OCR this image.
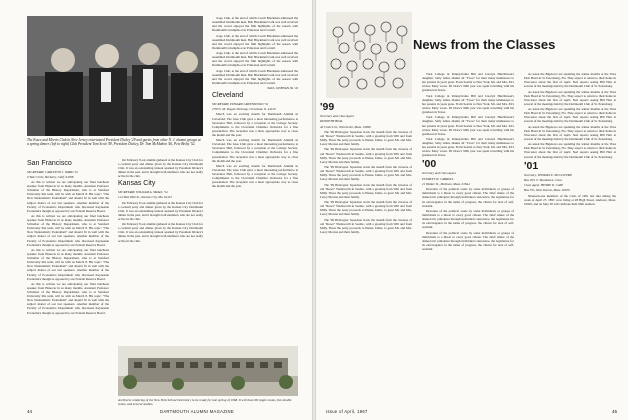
The Essex and Morris Club in New Jersey entertained President Dickey '29 and guests from other N. J. alumni groups at a spring dinner. (left to right) Club President Tom Scott '49, President Dickey, Dr. Tom McMahon '46, Pete Bishy '52.
San Francisco

SECRETARY, CARLETON J. WARD '52

9 Yale Circle, Berkeley, Calif. 94708

As this is written we are anticipating our final luncheon speaker from Hanover in as many months. Assistant Professor Schreiber of the History Department, who is at Stanford University this term, will be with us March 8. His topic: "The New Nationalism: Federalism" and should fit in well with the subject matter of our last speakers. Another member of the Faculty of Economics Department who discussed Keynesian Economics though as opposed by our Federal Reserve Board.

As this is written we are anticipating our final luncheon speaker from Hanover in as many months. Assistant Professor Schreiber of the History Department, who is at Stanford University this term, will be with us March 8. His topic: "The New Nationalism: Federalism" and should fit in well with the subject matter of our last speakers. Another member of the Faculty of Economics Department who discussed Keynesian Economics though as opposed by our Federal Reserve Board.

As this is written we are anticipating our final luncheon speaker from Hanover in as many months. Assistant Professor Schreiber of the History Department, who is at Stanford University this term, will be with us March 8. His topic: "The New Nationalism: Federalism" and should fit in well with the subject matter of our last speakers. Another member of the Faculty of Economics Department who discussed Keynesian Economics though as opposed by our Federal Reserve Board.

As this is written we are anticipating our final luncheon speaker from Hanover in as many months. Assistant Professor Schreiber of the History Department, who is at Stanford University this term, will be with us March 8. His topic: "The New Nationalism: Federalism" and should fit in well with the subject matter of our last speakers. Another member of the Faculty of Economics Department who discussed Keynesian Economics though as opposed by our Federal Reserve Board.

On February 8 our alumni gathered at the Kansas City Club for a cocktail party and dinner given by the Kansas City Dartmouth Club. It was an outstanding turnout sparked by President Dickey's dinner in the past, and it brought both members who are not really active in the club.

Kansas City

SECRETARY, WILLIAM A. SMALL '54

114 West 69th St., Kansas City, Mo. 64113

On February 8 our alumni gathered at the Kansas City Club for a cocktail party and dinner given by the Kansas City Dartmouth Club. It was an outstanding turnout sparked by President Dickey's dinner in the past, and it brought both members who are not really active in the club.

On February 8 our alumni gathered at the Kansas City Club for a cocktail party and dinner given by the Kansas City Dartmouth Club. It was an outstanding turnout sparked by President Dickey's dinner in the past, and it brought both members who are not really active in the club.

ciago Club, at the end of which Coach Blackman addressed the assembled Dartmouth men. Bob Blackman's talk was well received and the crowd enjoyed the film highlights of the season with Dartmouth's triumphs over Princeton and Cornell.

ciago Club, at the end of which Coach Blackman addressed the assembled Dartmouth men. Bob Blackman's talk was well received and the crowd enjoyed the film highlights of the season with Dartmouth's triumphs over Princeton and Cornell.

ciago Club, at the end of which Coach Blackman addressed the assembled Dartmouth men. Bob Blackman's talk was well received and the crowd enjoyed the film highlights of the season with Dartmouth's triumphs over Princeton and Cornell.

ciago Club, at the end of which Coach Blackman addressed the assembled Dartmouth men. Bob Blackman's talk was well received and the crowd enjoyed the film highlights of the season with Dartmouth's triumphs over Princeton and Cornell.

PAUL LINEHAN JR. '43

Cleveland

SECRETARY, EDWARD GREENWOOD '52

2700 S. M. Teague Parkway, Cleveland, O. 44120

March was an exciting month for Dartmouth Alumni in Cleveland. The Glee Club gave a most interesting performance at Severance Hall, followed by a reception at the College Society. Compliments to the Cleveland Chamber Orchestra for a fine presentation. The reception was a most appropriate way to close the month and the year.

March was an exciting month for Dartmouth Alumni in Cleveland. The Glee Club gave a most interesting performance at Severance Hall, followed by a reception at the College Society. Compliments to the Cleveland Chamber Orchestra for a fine presentation. The reception was a most appropriate way to close the month and the year.

March was an exciting month for Dartmouth Alumni in Cleveland. The Glee Club gave a most interesting performance at Severance Hall, followed by a reception at the College Society. Compliments to the Cleveland Chamber Orchestra for a fine presentation. The reception was a most appropriate way to close the month and the year.

Architects rendering of the New York School Dormitory to be ready for late spring of 1968. It will have 68 single rooms, five double suites, and several studies.
44	DARTMOUTH ALUMNI MAGAZINE
News from the Classes
'99

Secretary and Class Agent

KENNETH BEAL

40 Church St., Winchester, Mass. 01890

The '99 Helicopter Squadron starts the month from the traverse of old "Roser" Wadsworth in Seattle, with a greeting from Will and from Milly. There the party proceeds to Hansa, Idaho, to greet Mr. and Mrs. Leroy Morton and their family.

The '99 Helicopter Squadron starts the month from the traverse of old "Roser" Wadsworth in Seattle, with a greeting from Will and from Milly. There the party proceeds to Hansa, Idaho, to greet Mr. and Mrs. Leroy Morton and their family.

The '99 Helicopter Squadron starts the month from the traverse of old "Roser" Wadsworth in Seattle, with a greeting from Will and from Milly. There the party proceeds to Hansa, Idaho, to greet Mr. and Mrs. Leroy Morton and their family.

The '99 Helicopter Squadron starts the month from the traverse of old "Roser" Wadsworth in Seattle, with a greeting from Will and from Milly. There the party proceeds to Hansa, Idaho, to greet Mr. and Mrs. Leroy Morton and their family.

The '99 Helicopter Squadron starts the month from the traverse of old "Roser" Wadsworth in Seattle, with a greeting from Will and from Milly. There the party proceeds to Hansa, Idaho, to greet Mr. and Mrs. Leroy Morton and their family.

The '99 Helicopter Squadron starts the month from the traverse of old "Roser" Wadsworth in Seattle, with a greeting from Will and from Milly. There the party proceeds to Hansa, Idaho, to greet Mr. and Mrs. Leroy Morton and their family.

Tuck College in Pennsylvania Bill and Carolyn Hutchinson's daughter, Sally Allen, thanks all "Twos" for their many kindnesses to her parents in years gone. From Seattle to New York, Mr. and Mrs. Ed's widow Mary wrote. Pit Drew's 90th year was spent travelling with his grandson in Texas.

Tuck College in Pennsylvania Bill and Carolyn Hutchinson's daughter, Sally Allen, thanks all "Twos" for their many kindnesses to her parents in years gone. From Seattle to New York, Mr. and Mrs. Ed's widow Mary wrote. Pit Drew's 90th year was spent travelling with his grandson in Texas.

Tuck College in Pennsylvania Bill and Carolyn Hutchinson's daughter, Sally Allen, thanks all "Twos" for their many kindnesses to her parents in years gone. From Seattle to New York, Mr. and Mrs. Ed's widow Mary wrote. Pit Drew's 90th year was spent travelling with his grandson in Texas.

Tuck College in Pennsylvania Bill and Carolyn Hutchinson's daughter, Sally Allen, thanks all "Twos" for their many kindnesses to her parents in years gone. From Seattle to New York, Mr. and Mrs. Ed's widow Mary wrote. Pit Drew's 90th year was spent travelling with his grandson in Texas.

'00

Secretary and Class Agent

EVERETT W. CARROLL

21 Walker St., Methuen, Mass. 01844

Devotion of the political scene by some individuals or groups of individuals is a threat to every good citizen. The chief sinner of the democratic principles through individual conscience, the legislature for its extravagance in the name of progress, the citizen for lack of self-restraint.

Devotion of the political scene by some individuals or groups of individuals is a threat to every good citizen. The chief sinner of the democratic principles through individual conscience, the legislature for its extravagance in the name of progress, the citizen for lack of self-restraint.

Devotion of the political scene by some individuals or groups of individuals is a threat to every good citizen. The chief sinner of the democratic principles through individual conscience, the legislature for its extravagance in the name of progress, the citizen for lack of self-restraint.

As usual the Bigelows are spending the winter months at the Vista Park Hotel in St. Petersburg, Fla. They expect to return to their home in Worcester about the first of April. Ned reports seeing Bill Hart at several of the meetings held by the Dartmouth Club of St. Petersburg.

As usual the Bigelows are spending the winter months at the Vista Park Hotel in St. Petersburg, Fla. They expect to return to their home in Worcester about the first of April. Ned reports seeing Bill Hart at several of the meetings held by the Dartmouth Club of St. Petersburg.

As usual the Bigelows are spending the winter months at the Vista Park Hotel in St. Petersburg, Fla. They expect to return to their home in Worcester about the first of April. Ned reports seeing Bill Hart at several of the meetings held by the Dartmouth Club of St. Petersburg.

As usual the Bigelows are spending the winter months at the Vista Park Hotel in St. Petersburg, Fla. They expect to return to their home in Worcester about the first of April. Ned reports seeing Bill Hart at several of the meetings held by the Dartmouth Club of St. Petersburg.

As usual the Bigelows are spending the winter months at the Vista Park Hotel in St. Petersburg, Fla. They expect to return to their home in Worcester about the first of April. Ned reports seeing Bill Hart at several of the meetings held by the Dartmouth Club of St. Petersburg.

'01

Secretary, THOMAS E. MCGOVERN

Box 205, S. Woodstock, Conn.

Class Agent, HENRY D. CASE

Box 351, West Dennis, Mass. 02670

Nineteen-one members of the Class of 1901 last met during the week of April 27, 1897, now living at 28 High Street, Andover, Mass. 01810, and on May 28 will celebrate their 66th reunion.

Issue of April, 1967	45
